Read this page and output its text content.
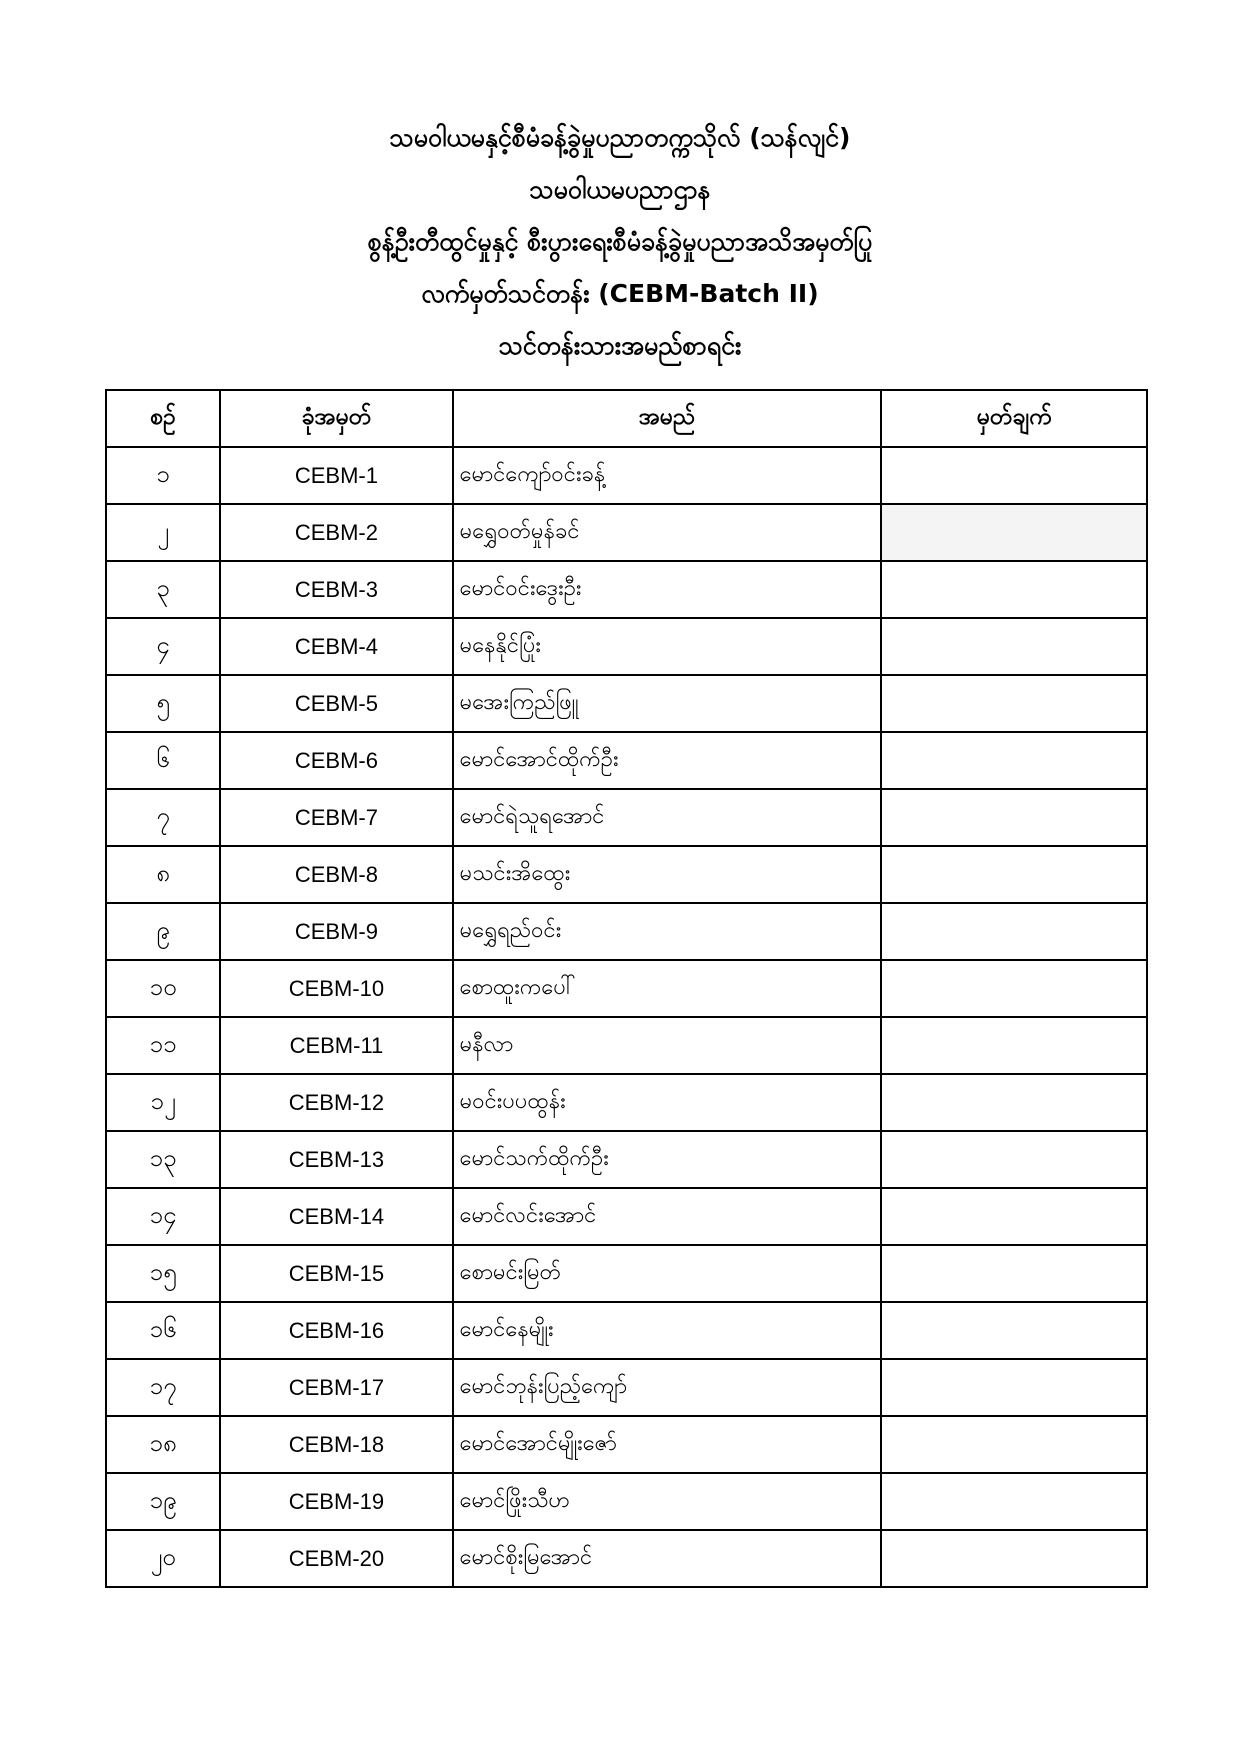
သမဝါယမနှင့်စီမံခန့်ခွဲမှုပညာတက္ကသိုလ် (သန်လျင်)
သမဝါယမပညာဌာန
စွန့်ဦးတီထွင်မှုနှင့် စီးပွားရေးစီမံခန့်ခွဲမှုပညာအသိအမှတ်ပြု
လက်မှတ်သင်တန်း (CEBM-Batch II)
သင်တန်းသားအမည်စာရင်း
စဉ်	ခုံအမှတ်	အမည်	မှတ်ချက်
၁	CEBM-1	မောင်ကျော်ဝင်းခန့်	
၂	CEBM-2	မရွှေဝတ်မှုန်ခင်	
၃	CEBM-3	မောင်ဝင်းဒွေးဦး	
၄	CEBM-4	မနေနိုင်ပြုံး	
၅	CEBM-5	မအေးကြည်ဖြူ	
၆	CEBM-6	မောင်အောင်ထိုက်ဦး	
၇	CEBM-7	မောင်ရဲသူရအောင်	
၈	CEBM-8	မသင်းအိထွေး	
၉	CEBM-9	မရွှေရည်ဝင်း	
၁၀	CEBM-10	စောထူးကပေါ်	
၁၁	CEBM-11	မနီလာ	
၁၂	CEBM-12	မဝင်းပပထွန်း	
၁၃	CEBM-13	မောင်သက်ထိုက်ဦး	
၁၄	CEBM-14	မောင်လင်းအောင်	
၁၅	CEBM-15	စောမင်းမြတ်	
၁၆	CEBM-16	မောင်နေမျိုး	
၁၇	CEBM-17	မောင်ဘုန်းပြည့်ကျော်	
၁၈	CEBM-18	မောင်အောင်မျိုးဇော်	
၁၉	CEBM-19	မောင်ဖြိုးသီဟ	
၂၀	CEBM-20	မောင်စိုးမြအောင်	
